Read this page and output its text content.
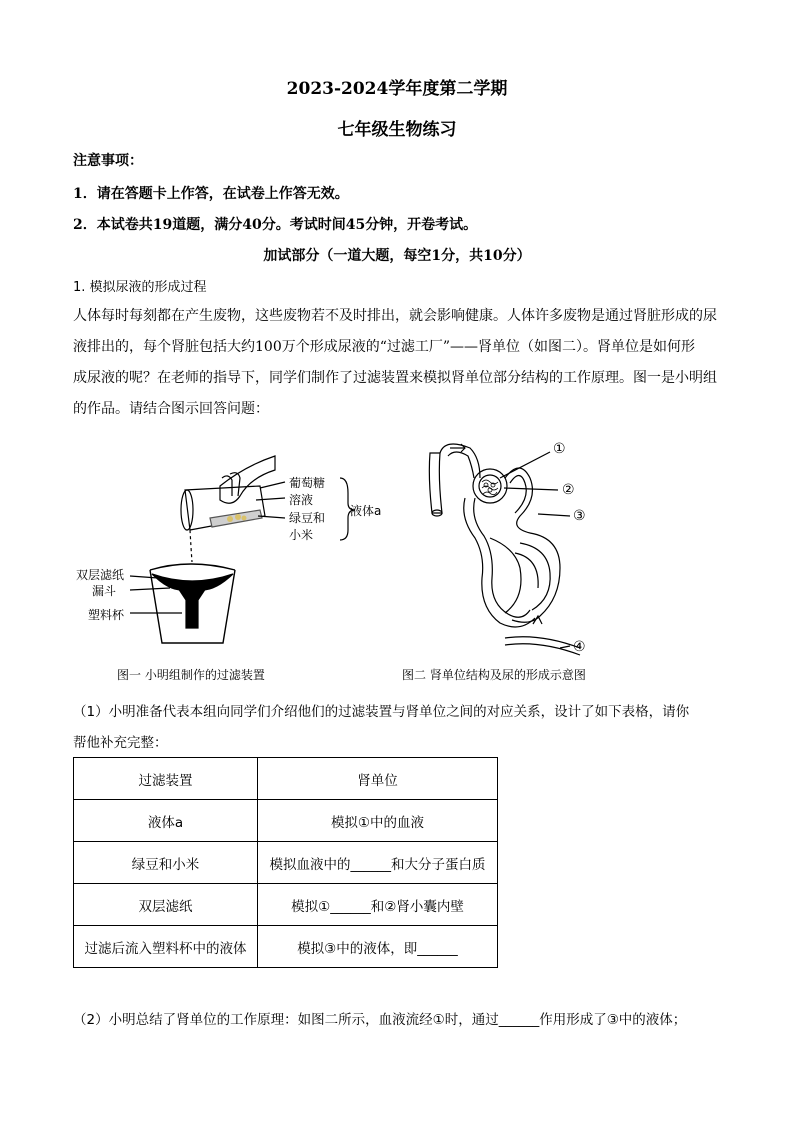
2023-2024学年度第二学期
七年级生物练习
注意事项：
1．请在答题卡上作答，在试卷上作答无效。
2．本试卷共19道题，满分40分。考试时间45分钟，开卷考试。
加试部分（一道大题，每空1分，共10分）
1. 模拟尿液的形成过程
人体每时每刻都在产生废物，这些废物若不及时排出，就会影响健康。人体许多废物是通过肾脏形成的尿
液排出的，每个肾脏包括大约100万个形成尿液的“过滤工厂”——肾单位（如图二）。肾单位是如何形
成尿液的呢？在老师的指导下，同学们制作了过滤装置来模拟肾单位部分结构的工作原理。图一是小明组
的作品。请结合图示回答问题：
葡萄糖
溶液
绿豆和
小米
液体a
双层滤纸
漏斗
塑料杯
图一 小明组制作的过滤装置
①
②
③
④
图二 肾单位结构及尿的形成示意图
（1）小明准备代表本组向同学们介绍他们的过滤装置与肾单位之间的对应关系，设计了如下表格，请你
帮他补充完整：
过滤装置	肾单位
液体a	模拟①中的血液
绿豆和小米	模拟血液中的______和大分子蛋白质
双层滤纸	模拟①______和②肾小囊内壁
过滤后流入塑料杯中的液体	模拟③中的液体，即______
（2）小明总结了肾单位的工作原理：如图二所示，血液流经①时，通过______作用形成了③中的液体；
